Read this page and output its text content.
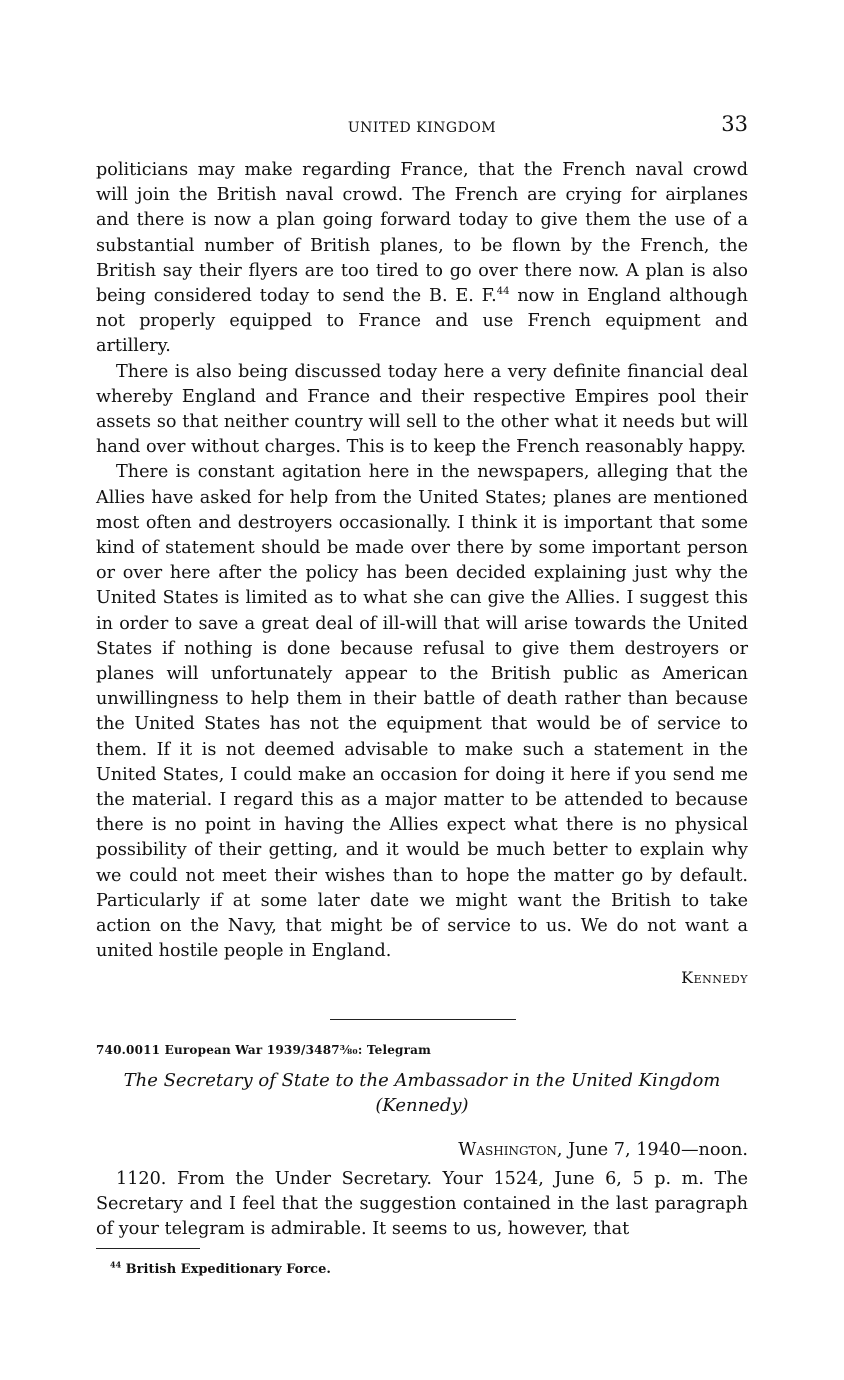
UNITED KINGDOM	33

politicians may make regarding France, that the French naval crowd will join the British naval crowd. The French are crying for airplanes and there is now a plan going forward today to give them the use of a substantial number of British planes, to be flown by the French, the British say their flyers are too tired to go over there now. A plan is also being considered today to send the B. E. F.$^{44}$ now in England although not properly equipped to France and use French equipment and artillery.

There is also being discussed today here a very definite financial deal whereby England and France and their respective Empires pool their assets so that neither country will sell to the other what it needs but will hand over without charges. This is to keep the French reasonably happy.

There is constant agitation here in the newspapers, alleging that the Allies have asked for help from the United States; planes are mentioned most often and destroyers occasionally. I think it is important that some kind of statement should be made over there by some important person or over here after the policy has been decided explaining just why the United States is limited as to what she can give the Allies. I suggest this in order to save a great deal of ill-will that will arise towards the United States if nothing is done because refusal to give them destroyers or planes will unfortunately appear to the British public as American unwillingness to help them in their battle of death rather than because the United States has not the equipment that would be of service to them. If it is not deemed advisable to make such a statement in the United States, I could make an occasion for doing it here if you send me the material. I regard this as a major matter to be attended to because there is no point in having the Allies expect what there is no physical possibility of their getting, and it would be much better to explain why we could not meet their wishes than to hope the matter go by default. Particularly if at some later date we might want the British to take action on the Navy, that might be of service to us. We do not want a united hostile people in England.

Kennedy
740.0011 European War 1939/3487⅜₀: Telegram
The Secretary of State to the Ambassador in the United Kingdom
(Kennedy)
Washington, June 7, 1940—noon.

1120. From the Under Secretary. Your 1524, June 6, 5 p. m. The Secretary and I feel that the suggestion contained in the last paragraph of your telegram is admirable. It seems to us, however, that

$^{44}$ British Expeditionary Force.
